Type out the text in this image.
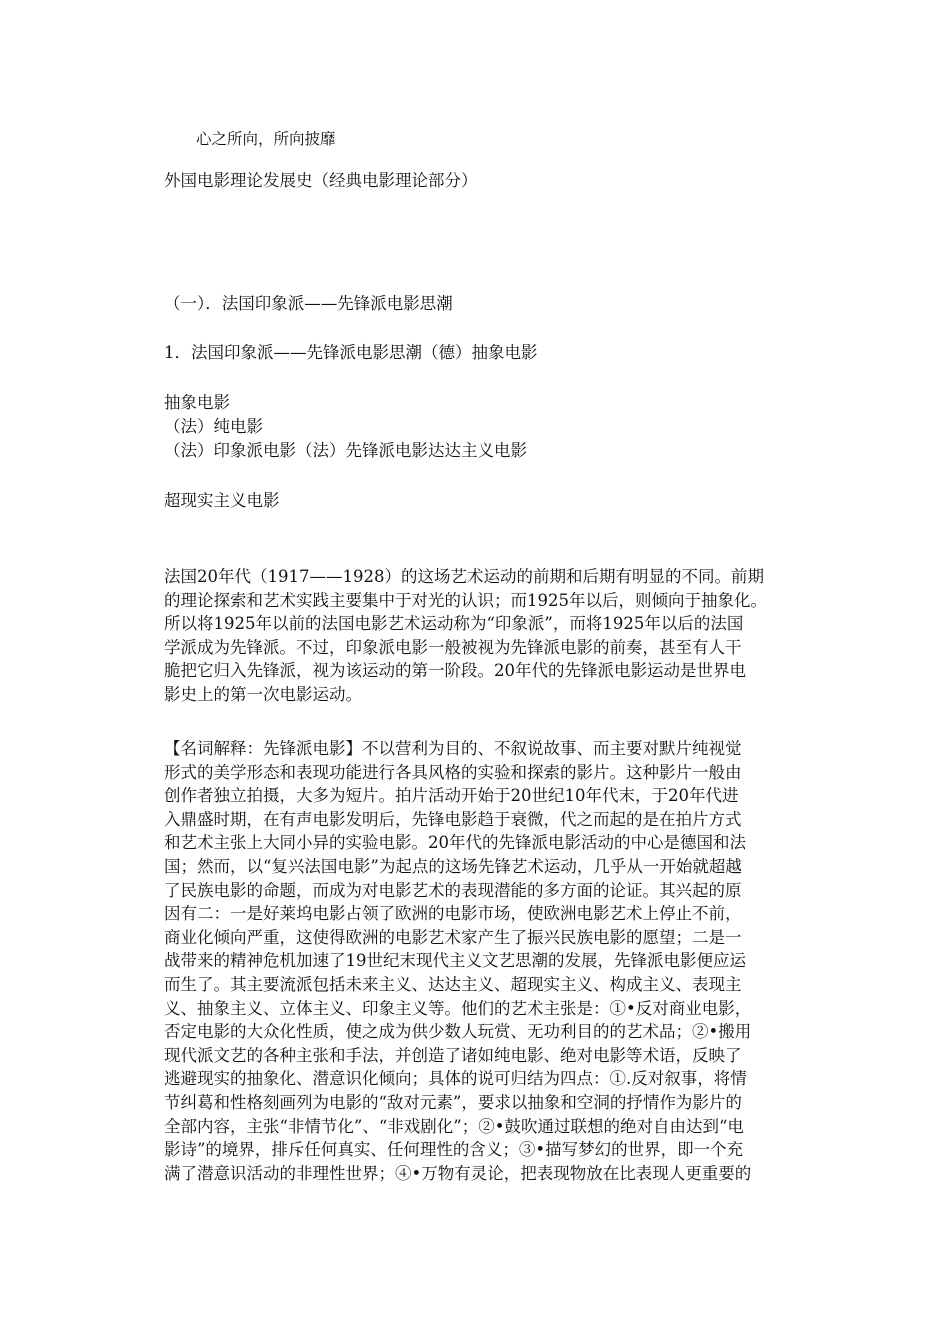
心之所向，所向披靡
外国电影理论发展史（经典电影理论部分）
（一）．法国印象派——先锋派电影思潮
1．法国印象派——先锋派电影思潮（德）抽象电影
抽象电影
（法）纯电影
（法）印象派电影（法）先锋派电影达达主义电影
超现实主义电影

法国20年代（1917——1928）的这场艺术运动的前期和后期有明显的不同。前期

的理论探索和艺术实践主要集中于对光的认识；而1925年以后，则倾向于抽象化。

所以将1925年以前的法国电影艺术运动称为“印象派”，而将1925年以后的法国

学派成为先锋派。不过，印象派电影一般被视为先锋派电影的前奏，甚至有人干

脆把它归入先锋派，视为该运动的第一阶段。20年代的先锋派电影运动是世界电

影史上的第一次电影运动。

【名词解释：先锋派电影】不以营利为目的、不叙说故事、而主要对默片纯视觉

形式的美学形态和表现功能进行各具风格的实验和探索的影片。这种影片一般由

创作者独立拍摄，大多为短片。拍片活动开始于20世纪10年代末，于20年代进

入鼎盛时期，在有声电影发明后，先锋电影趋于衰微，代之而起的是在拍片方式

和艺术主张上大同小异的实验电影。20年代的先锋派电影活动的中心是德国和法

国；然而，以“复兴法国电影”为起点的这场先锋艺术运动，几乎从一开始就超越

了民族电影的命题，而成为对电影艺术的表现潜能的多方面的论证。其兴起的原

因有二：一是好莱坞电影占领了欧洲的电影市场，使欧洲电影艺术上停止不前，

商业化倾向严重，这使得欧洲的电影艺术家产生了振兴民族电影的愿望；二是一

战带来的精神危机加速了19世纪末现代主义文艺思潮的发展，先锋派电影便应运

而生了。其主要流派包括未来主义、达达主义、超现实主义、构成主义、表现主

义、抽象主义、立体主义、印象主义等。他们的艺术主张是：①•反对商业电影，

否定电影的大众化性质，使之成为供少数人玩赏、无功利目的的艺术品；②•搬用

现代派文艺的各种主张和手法，并创造了诸如纯电影、绝对电影等术语，反映了

逃避现实的抽象化、潜意识化倾向；具体的说可归结为四点：①.反对叙事，将情

节纠葛和性格刻画列为电影的“敌对元素”，要求以抽象和空洞的抒情作为影片的

全部内容，主张“非情节化”、“非戏剧化”；②•鼓吹通过联想的绝对自由达到“电

影诗”的境界，排斥任何真实、任何理性的含义；③•描写梦幻的世界，即一个充

满了潜意识活动的非理性世界；④•万物有灵论，把表现物放在比表现人更重要的
